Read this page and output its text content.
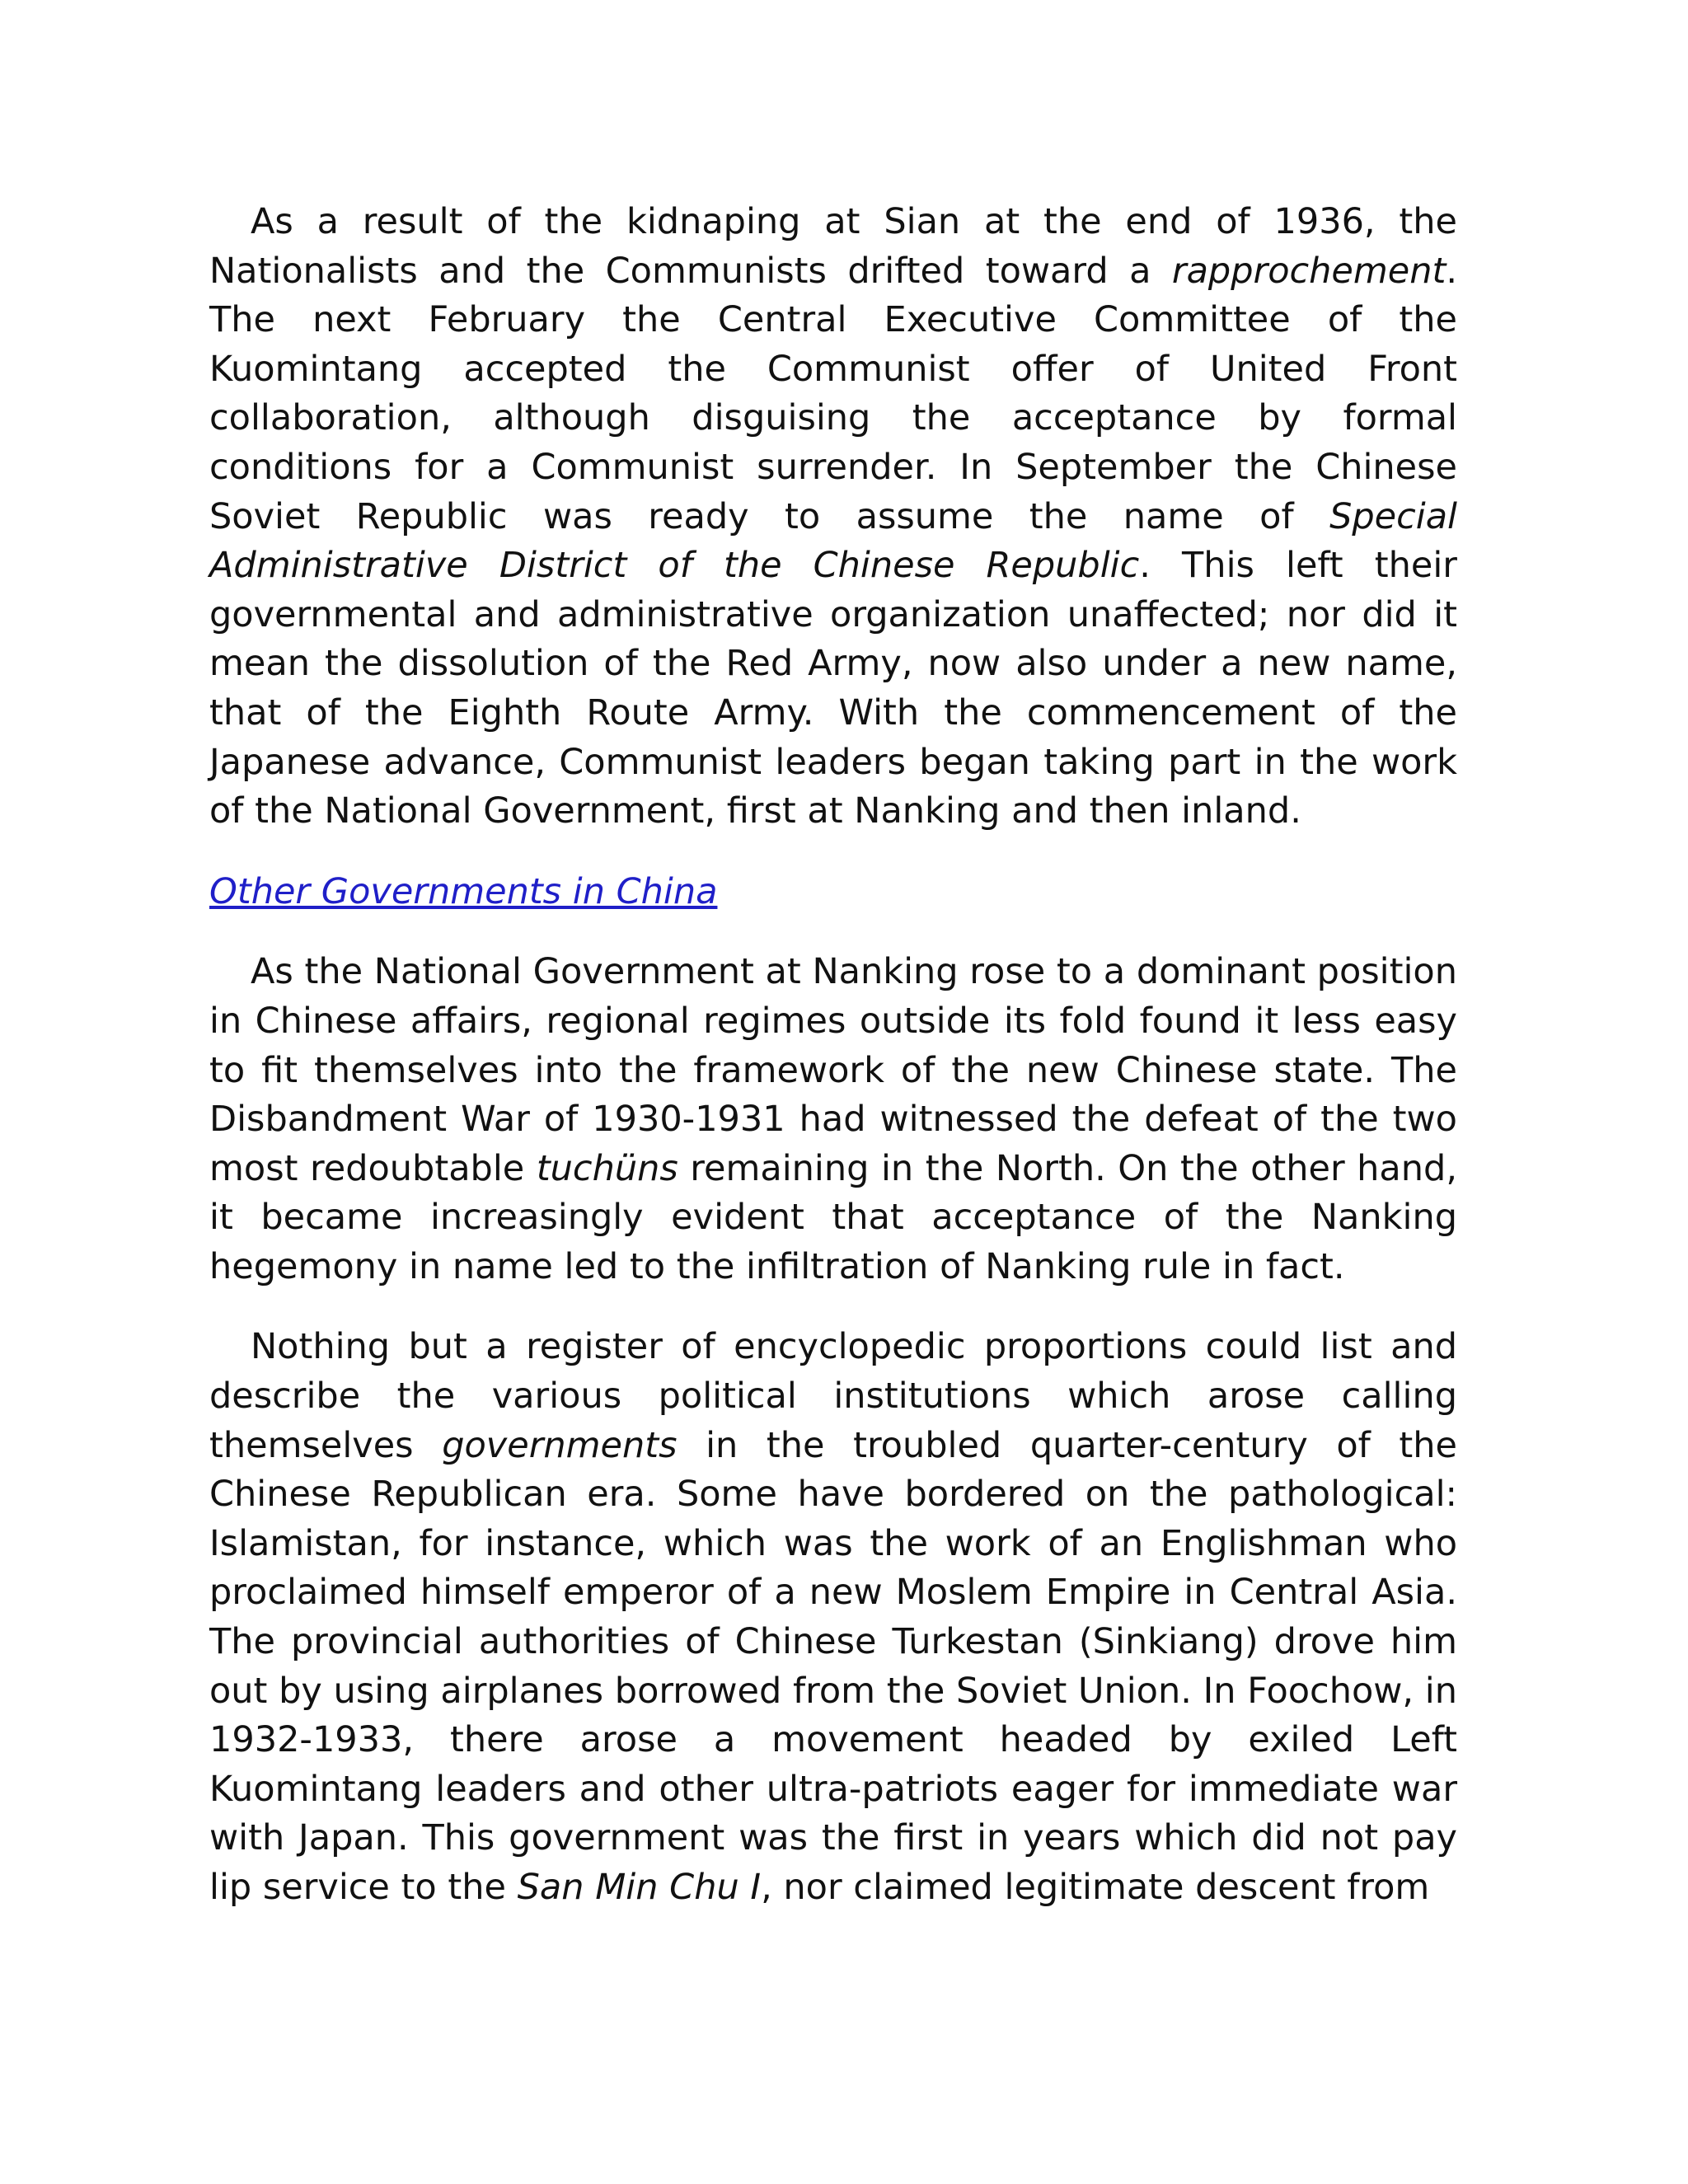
As a result of the kidnaping at Sian at the end of 1936, the Nationalists and the Communists drifted toward a rapprochement. The next February the Central Executive Committee of the Kuomintang accepted the Communist offer of United Front collaboration, although disguising the acceptance by formal conditions for a Communist surrender. In September the Chinese Soviet Republic was ready to assume the name of Special Administrative District of the Chinese Republic. This left their governmental and administrative organization unaffected; nor did it mean the dissolution of the Red Army, now also under a new name, that of the Eighth Route Army. With the commencement of the Japanese advance, Communist leaders began taking part in the work of the National Government, first at Nanking and then inland.

Other Governments in China

As the National Government at Nanking rose to a dominant position in Chinese affairs, regional regimes outside its fold found it less easy to fit themselves into the framework of the new Chinese state. The Disbandment War of 1930-1931 had witnessed the defeat of the two most redoubtable tuchüns remaining in the North. On the other hand, it became increasingly evident that acceptance of the Nanking hegemony in name led to the infiltration of Nanking rule in fact.

Nothing but a register of encyclopedic proportions could list and describe the various political institutions which arose calling themselves governments in the troubled quarter-century of the Chinese Republican era. Some have bordered on the pathological: Islamistan, for instance, which was the work of an Englishman who proclaimed himself emperor of a new Moslem Empire in Central Asia. The provincial authorities of Chinese Turkestan (Sinkiang) drove him out by using airplanes borrowed from the Soviet Union. In Foochow, in 1932-1933, there arose a movement headed by exiled Left Kuomintang leaders and other ultra-patriots eager for immediate war with Japan. This government was the first in years which did not pay lip service to the San Min Chu I, nor claimed legitimate descent from
